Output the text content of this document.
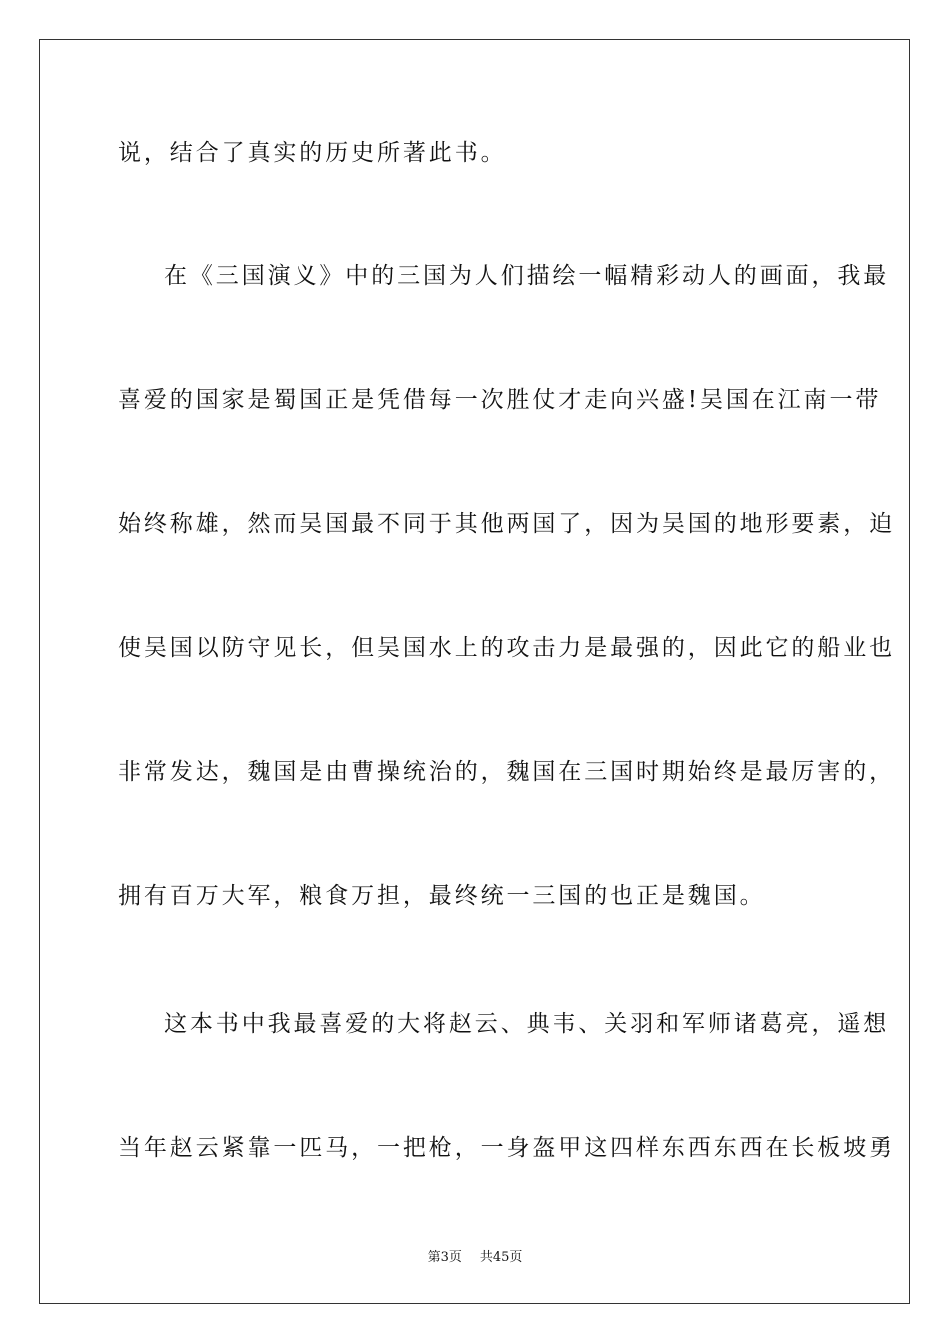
说，结合了真实的历史所著此书。
在《三国演义》中的三国为人们描绘一幅精彩动人的画面，我最
喜爱的国家是蜀国正是凭借每一次胜仗才走向兴盛!吴国在江南一带
始终称雄，然而吴国最不同于其他两国了，因为吴国的地形要素，迫
使吴国以防守见长，但吴国水上的攻击力是最强的，因此它的船业也
非常发达，魏国是由曹操统治的，魏国在三国时期始终是最厉害的，
拥有百万大军，粮食万担，最终统一三国的也正是魏国。
这本书中我最喜爱的大将赵云、典韦、关羽和军师诸葛亮，遥想
当年赵云紧靠一匹马，一把枪，一身盔甲这四样东西东西在长板坡勇
第3页 共45页
